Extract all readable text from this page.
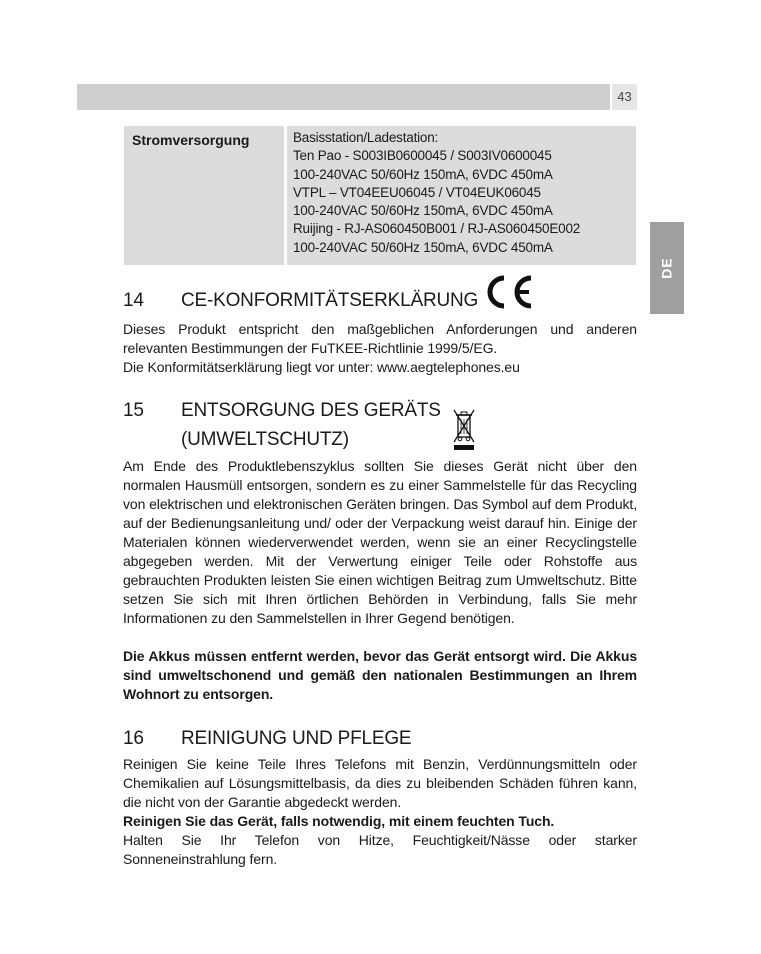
43
DE
Stromversorgung	Basisstation/Ladestation:
Ten Pao - S003IB0600045 / S003IV0600045
100-240VAC 50/60Hz 150mA, 6VDC 450mA
VTPL – VT04EEU06045 / VT04EUK06045
100-240VAC 50/60Hz 150mA, 6VDC 450mA
Ruijing - RJ-AS060450B001 / RJ-AS060450E002
100-240VAC 50/60Hz 150mA, 6VDC 450mA
14 CE-KONFORMITÄTSERKLÄRUNG
Dieses Produkt entspricht den maßgeblichen Anforderungen und anderen relevanten Bestimmungen der FuTKEE-Richtlinie 1999/5/EG.
Die Konformitätserklärung liegt vor unter: www.aegtelephones.eu
15 ENTSORGUNG DES GERÄTS
(UMWELTSCHUTZ)
Am Ende des Produktlebenszyklus sollten Sie dieses Gerät nicht über den normalen Hausmüll entsorgen, sondern es zu einer Sammelstelle für das Recycling von elektrischen und elektronischen Geräten bringen. Das Symbol auf dem Produkt, auf der Bedienungsanleitung und/ oder der Verpackung weist darauf hin. Einige der Materialen können wiederverwendet werden, wenn sie an einer Recyclingstelle abgegeben werden. Mit der Verwertung einiger Teile oder Rohstoffe aus gebrauchten Produkten leisten Sie einen wichtigen Beitrag zum Umweltschutz. Bitte setzen Sie sich mit Ihren örtlichen Behörden in Verbindung, falls Sie mehr Informationen zu den Sammelstellen in Ihrer Gegend benötigen.
Die Akkus müssen entfernt werden, bevor das Gerät entsorgt wird. Die Akkus sind umweltschonend und gemäß den nationalen Bestimmungen an Ihrem Wohnort zu entsorgen.
16 REINIGUNG UND PFLEGE
Reinigen Sie keine Teile Ihres Telefons mit Benzin, Verdünnungsmitteln oder Chemikalien auf Lösungsmittelbasis, da dies zu bleibenden Schäden führen kann, die nicht von der Garantie abgedeckt werden.
Reinigen Sie das Gerät, falls notwendig, mit einem feuchten Tuch.
Halten Sie Ihr Telefon von Hitze, Feuchtigkeit/Nässe oder starker Sonneneinstrahlung fern.
